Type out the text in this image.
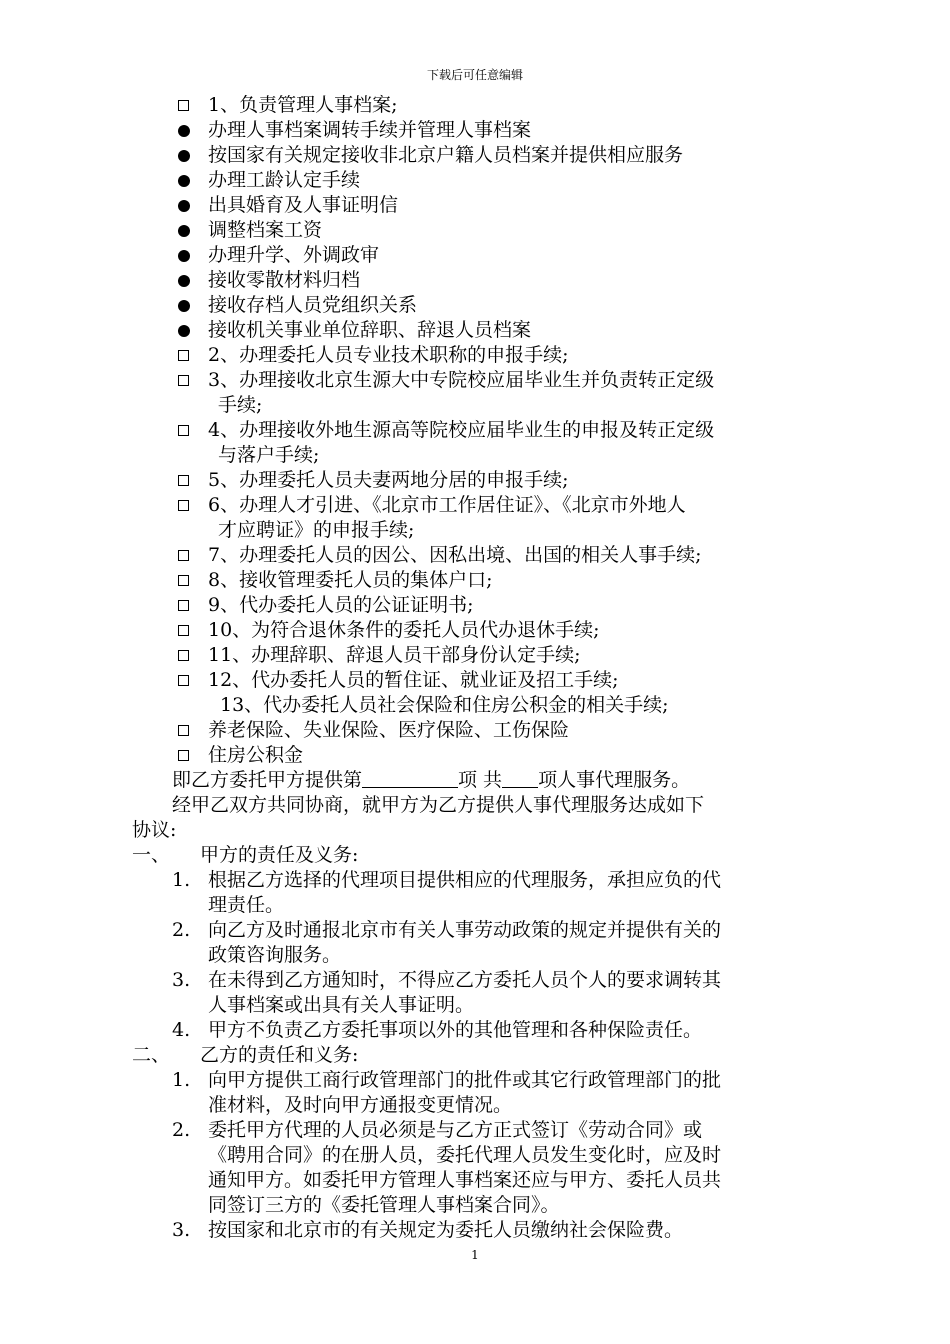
下载后可任意编辑
1、负责管理人事档案;
办理人事档案调转手续并管理人事档案
按国家有关规定接收非北京户籍人员档案并提供相应服务
办理工龄认定手续
出具婚育及人事证明信
调整档案工资
办理升学、外调政审
接收零散材料归档
接收存档人员党组织关系
接收机关事业单位辞职、辞退人员档案
2、办理委托人员专业技术职称的申报手续;
3、办理接收北京生源大中专院校应届毕业生并负责转正定级
手续;
4、办理接收外地生源高等院校应届毕业生的申报及转正定级
与落户手续;
5、办理委托人员夫妻两地分居的申报手续;
6、办理人才引进、《北京市工作居住证》、《北京市外地人
才应聘证》的申报手续;
7、办理委托人员的因公、因私出境、出国的相关人事手续;
8、接收管理委托人员的集体户口;
9、代办委托人员的公证证明书;
10、为符合退休条件的委托人员代办退休手续;
11、办理辞职、辞退人员干部身份认定手续;
12、代办委托人员的暂住证、就业证及招工手续;
13、代办委托人员社会保险和住房公积金的相关手续;
养老保险、失业保险、医疗保险、工伤保险
住房公积金
即乙方委托甲方提供第	项 共 项人事代理服务。
经甲乙双方共同协商，就甲方为乙方提供人事代理服务达成如下
协议:
一、 甲方的责任及义务:
1. 根据乙方选择的代理项目提供相应的代理服务，承担应负的代
理责任。
2. 向乙方及时通报北京市有关人事劳动政策的规定并提供有关的
政策咨询服务。
3. 在未得到乙方通知时，不得应乙方委托人员个人的要求调转其
人事档案或出具有关人事证明。
4. 甲方不负责乙方委托事项以外的其他管理和各种保险责任。
二、 乙方的责任和义务:
1. 向甲方提供工商行政管理部门的批件或其它行政管理部门的批
准材料，及时向甲方通报变更情况。
2. 委托甲方代理的人员必须是与乙方正式签订《劳动合同》或
《聘用合同》的在册人员，委托代理人员发生变化时，应及时
通知甲方。如委托甲方管理人事档案还应与甲方、委托人员共
同签订三方的《委托管理人事档案合同》。
3. 按国家和北京市的有关规定为委托人员缴纳社会保险费。
1
